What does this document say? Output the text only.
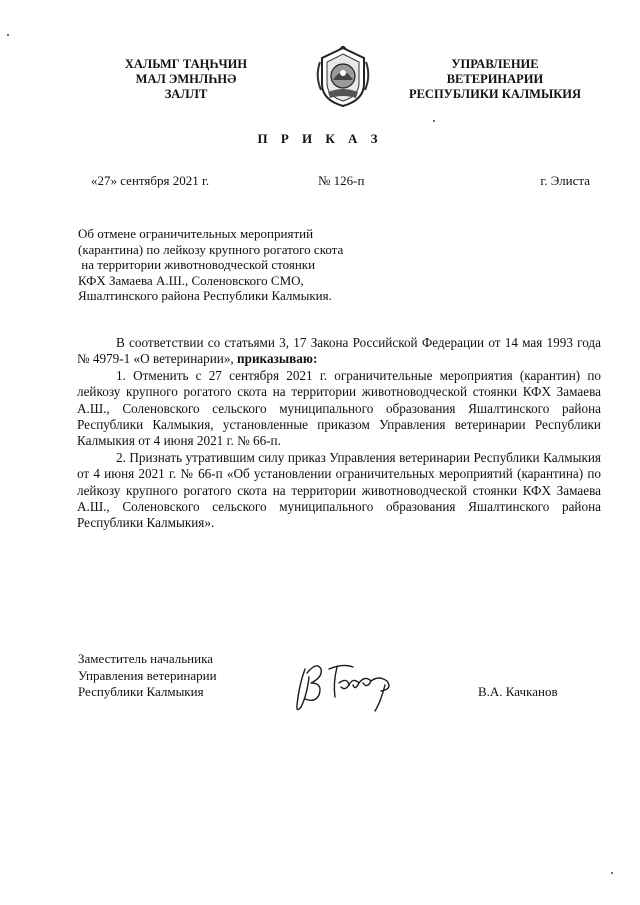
ХАЛЬМГ ТАҢҺЧИН
МАЛ ЭМНЛҺНӘ
ЗАЛЛТ
УПРАВЛЕНИЕ
ВЕТЕРИНАРИИ
РЕСПУБЛИКИ КАЛМЫКИЯ
П Р И К А З
«27» сентября 2021 г.	№ 126-п	г. Элиста
Об отмене ограничительных мероприятий
(карантина) по лейкозу крупного рогатого скота
на территории животноводческой стоянки
КФХ Замаева А.Ш., Соленовского СМО,
Яшалтинского района Республики Калмыкия.

В соответствии со статьями 3, 17 Закона Российской Федерации от 14 мая 1993 года № 4979-1 «О ветеринарии», приказываю:

1. Отменить с 27 сентября 2021 г. ограничительные мероприятия (карантин) по лейкозу крупного рогатого скота на территории животноводческой стоянки КФХ Замаева А.Ш., Соленовского сельского муниципального образования Яшалтинского района Республики Калмыкия, установленные приказом Управления ветеринарии Республики Калмыкия от 4 июня 2021 г. № 66-п.

2. Признать утратившим силу приказ Управления ветеринарии Республики Калмыкия от 4 июня 2021 г. № 66-п «Об установлении ограничительных мероприятий (карантина) по лейкозу крупного рогатого скота на территории животноводческой стоянки КФХ Замаева А.Ш., Соленовского сельского муниципального образования Яшалтинского района Республики Калмыкия».

Заместитель начальника
Управления ветеринарии
Республики Калмыкия	В.А. Качканов
